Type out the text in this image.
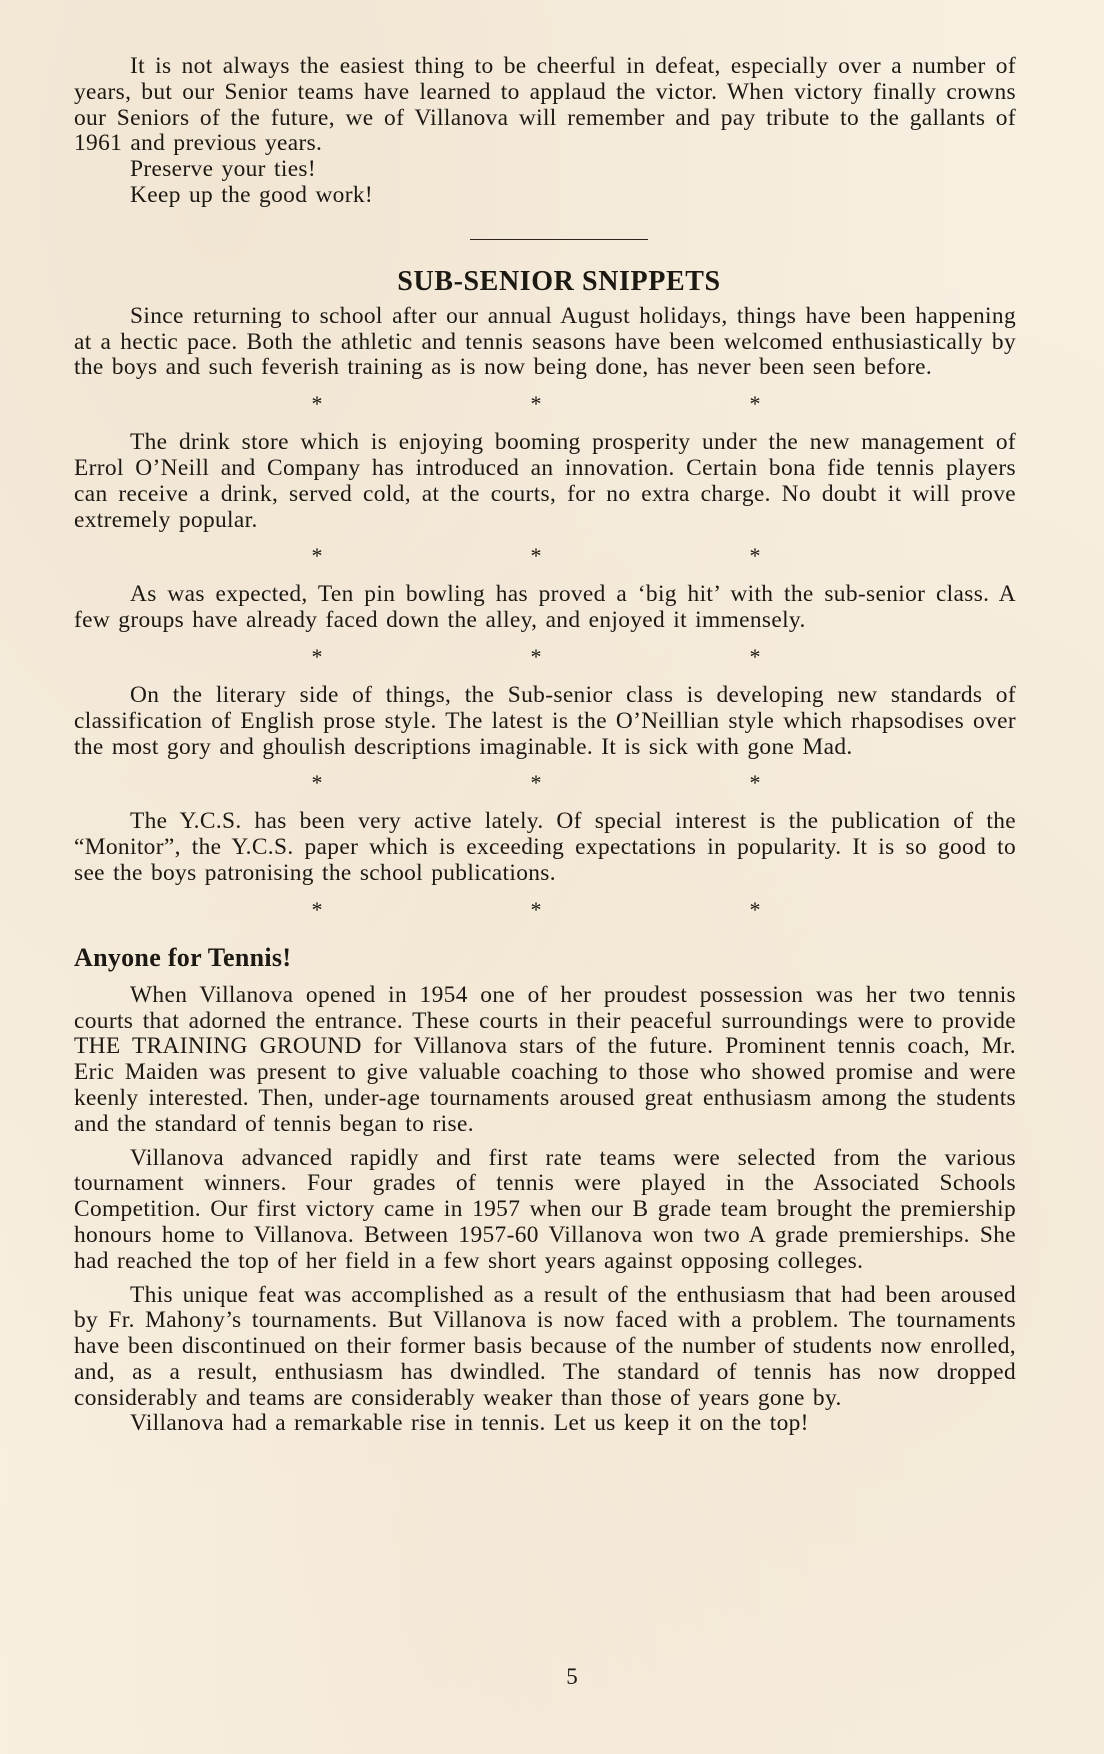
It is not always the easiest thing to be cheerful in defeat, especially over a number of years, but our Senior teams have learned to applaud the victor. When victory finally crowns our Seniors of the future, we of Villanova will remember and pay tribute to the gallants of 1961 and previous years.

Preserve your ties!

Keep up the good work!

SUB-SENIOR SNIPPETS

Since returning to school after our annual August holidays, things have been happening at a hectic pace. Both the athletic and tennis seasons have been welcomed enthusiastically by the boys and such feverish training as is now being done, has never been seen before.

*	*	*

The drink store which is enjoying booming prosperity under the new management of Errol O’Neill and Company has introduced an innovation. Certain bona fide tennis players can receive a drink, served cold, at the courts, for no extra charge. No doubt it will prove extremely popular.

*	*	*

As was expected, Ten pin bowling has proved a ‘big hit’ with the sub-senior class. A few groups have already faced down the alley, and enjoyed it immensely.

*	*	*

On the literary side of things, the Sub-senior class is developing new standards of classification of English prose style. The latest is the O’Neillian style which rhapsodises over the most gory and ghoulish descriptions imaginable. It is sick with gone Mad.

*	*	*

The Y.C.S. has been very active lately. Of special interest is the publication of the “Monitor”, the Y.C.S. paper which is exceeding expectations in popularity. It is so good to see the boys patronising the school publications.

*	*	*
Anyone for Tennis!

When Villanova opened in 1954 one of her proudest possession was her two tennis courts that adorned the entrance. These courts in their peaceful surroundings were to provide THE TRAINING GROUND for Villanova stars of the future. Prominent tennis coach, Mr. Eric Maiden was present to give valuable coaching to those who showed promise and were keenly interested. Then, under-age tournaments aroused great enthusiasm among the students and the standard of tennis began to rise.

Villanova advanced rapidly and first rate teams were selected from the various tournament winners. Four grades of tennis were played in the Associated Schools Competition. Our first victory came in 1957 when our B grade team brought the premiership honours home to Villanova. Between 1957-60 Villanova won two A grade premierships. She had reached the top of her field in a few short years against opposing colleges.

This unique feat was accomplished as a result of the enthusiasm that had been aroused by Fr. Mahony’s tournaments. But Villanova is now faced with a problem. The tournaments have been discontinued on their former basis because of the number of students now enrolled, and, as a result, enthusiasm has dwindled. The standard of tennis has now dropped considerably and teams are considerably weaker than those of years gone by.

Villanova had a remarkable rise in tennis. Let us keep it on the top!

5
